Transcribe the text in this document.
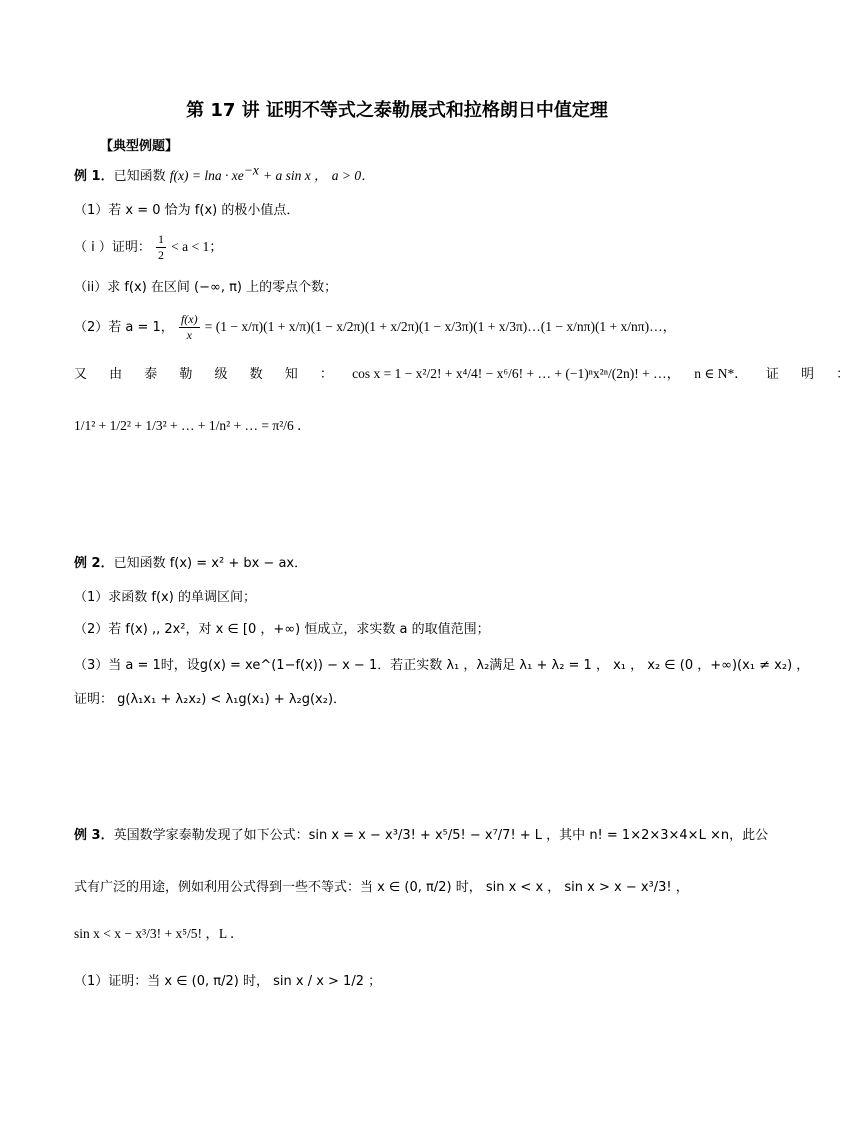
第 17 讲 证明不等式之泰勒展式和拉格朗日中值定理
【典型例题】
例 1．已知函数 $f(x) = \ln a \cdot xe^{-x} + a$ sin x ， a > 0．
（1）若 x = 0 恰为 f(x) 的极小值点．
（ i ）证明： $\frac{1}{2} < a < 1$；
（ii）求 f(x) 在区间 (−∞, π) 上的零点个数；
（2）若 a = 1， $\frac{f(x)}{x} = (1 - x/\pi)(1 + x/\pi)(1 - x/2\pi)(1 + x/2\pi)(1 - x/3\pi)(1$ + x/3π)…(1 − x/nπ)(1 + x/nπ)…，
又 由 泰 勒 级 数 知 ： cos x = 1 − x²/2! + x⁴/4! − x⁶/6! + … + (−1)ⁿx²ⁿ/(2n)! + …， n ∈ N*． 证 明 ：
1/1² + 1/2² + 1/3² + … + 1/n² + … = π²/6 ．
例 2．已知函数 f(x) = x² + bx − ax．
（1）求函数 f(x) 的单调区间；
（2）若 f(x) ,, 2x²，对 x ∈ [0 ，+∞) 恒成立，求实数 a 的取值范围；
（3）当 a = 1时，设g(x) = xe^(1−f(x)) − x − 1．若正实数 λ₁ ，λ₂满足 λ₁ + λ₂ = 1 ， x₁ ， x₂ ∈ (0 ，+∞)(x₁ ≠ x₂) ，
证明： g(λ₁x₁ + λ₂x₂) < λ₁g(x₁) + λ₂g(x₂)．
例 3．英国数学家泰勒发现了如下公式：sin x = x − x³/3! + x⁵/5! − x⁷/7! + L ，其中 n! = 1×2×3×4×L ×n，此公
式有广泛的用途，例如利用公式得到一些不等式：当 x ∈ (0, π/2) 时， sin x < x ， sin x > x − x³/3! ，
sin x < x − x³/3! + x⁵/5! ，L ．
（1）证明：当 x ∈ (0, π/2) 时， sin x / x > 1/2 ；
